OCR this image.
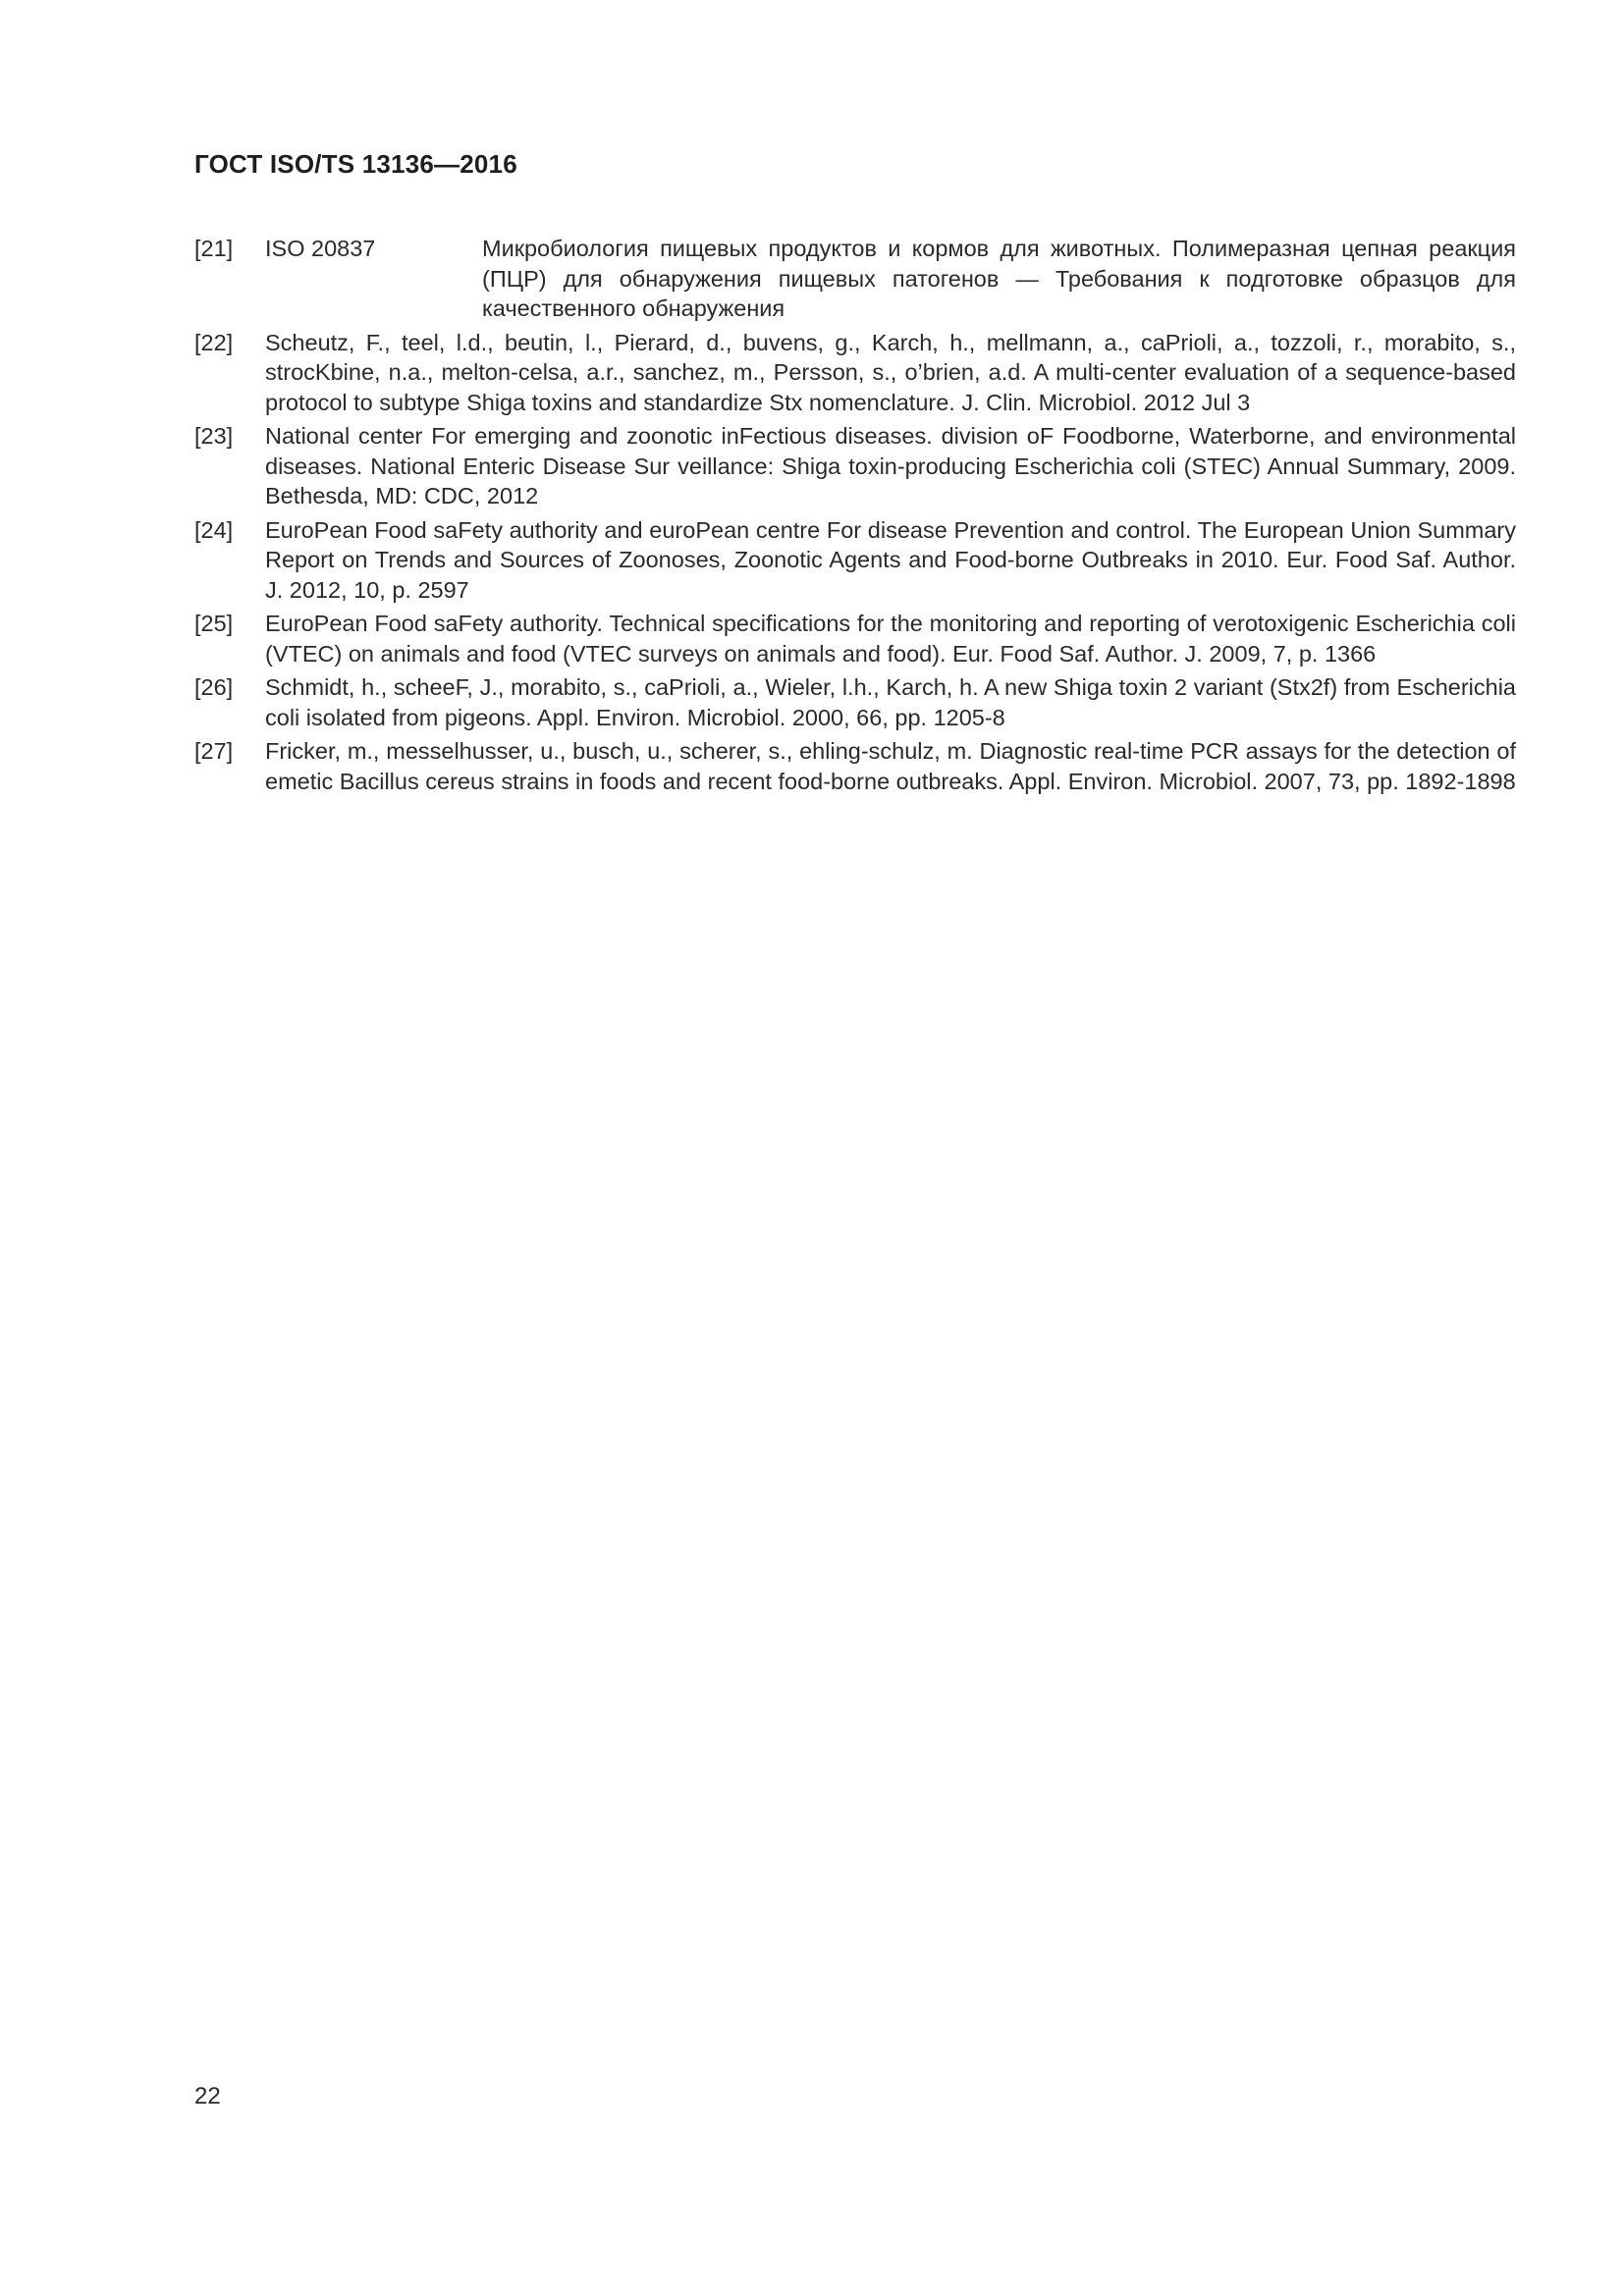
ГОСТ ISO/TS 13136—2016
[21]	ISO 20837	Микробиология пищевых продуктов и кормов для животных. Полимеразная цепная реакция (ПЦР) для обнаружения пищевых патогенов — Требования к подготовке образцов для качественного обнаружения
[22]	Scheutz, F., teel, l.d., beutin, l., Pierard, d., buvens, g., Karch, h., mellmann, a., caPrioli, a., tozzoli, r., morabito, s., strocKbine, n.a., melton-celsa, a.r., sanchez, m., Persson, s., o’brien, a.d. A multi-center evaluation of a sequence-based protocol to subtype Shiga toxins and standardize Stx nomenclature. J. Clin. Microbiol. 2012 Jul 3
[23]	National center For emerging and zoonotic inFectious diseases. division oF Foodborne, Waterborne, and environmental diseases. National Enteric Disease Sur veillance: Shiga toxin-producing Escherichia coli (STEC) Annual Summary, 2009. Bethesda, MD: CDC, 2012
[24]	EuroPean Food saFety authority and euroPean centre For disease Prevention and control. The European Union Summary Report on Trends and Sources of Zoonoses, Zoonotic Agents and Food-borne Outbreaks in 2010. Eur. Food Saf. Author. J. 2012, 10, p. 2597
[25]	EuroPean Food saFety authority. Technical specifications for the monitoring and reporting of verotoxigenic Escherichia coli (VTEC) on animals and food (VTEC surveys on animals and food). Eur. Food Saf. Author. J. 2009, 7, p. 1366
[26]	Schmidt, h., scheeF, J., morabito, s., caPrioli, a., Wieler, l.h., Karch, h. A new Shiga toxin 2 variant (Stx2f) from Escherichia coli isolated from pigeons. Appl. Environ. Microbiol. 2000, 66, pp. 1205-8
[27]	Fricker, m., messelhusser, u., busch, u., scherer, s., ehling-schulz, m. Diagnostic real-time PCR assays for the detection of emetic Bacillus cereus strains in foods and recent food-borne outbreaks. Appl. Environ. Microbiol. 2007, 73, pp. 1892-1898
22
